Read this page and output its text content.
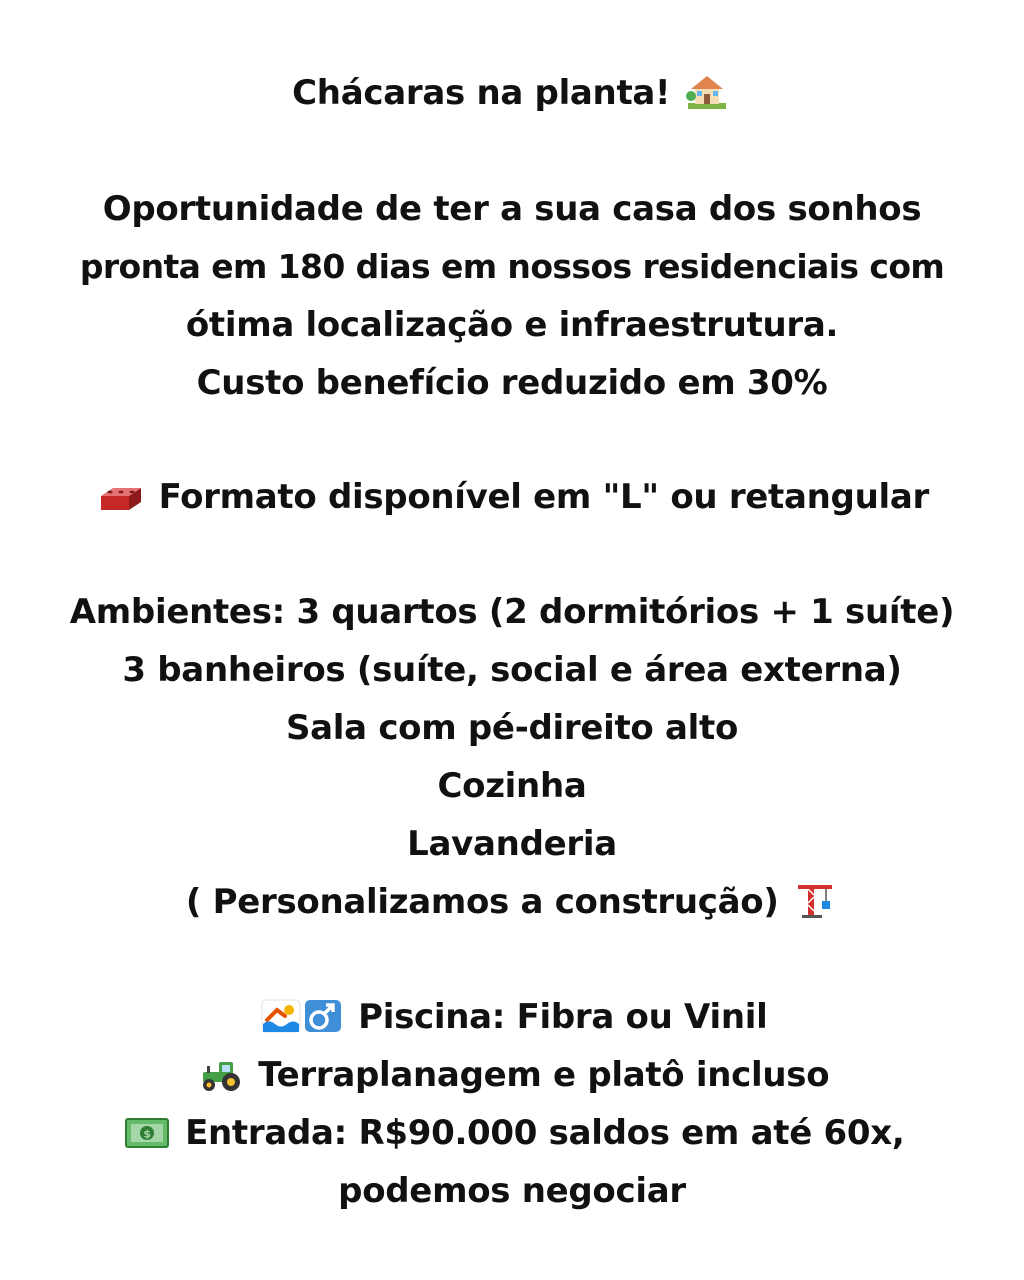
Chácaras na planta!
Oportunidade de ter a sua casa dos sonhos
pronta em 180 dias em nossos residenciais com
ótima localização e infraestrutura.
Custo benefício reduzido em 30%
Formato disponível em "L" ou retangular
Ambientes: 3 quartos (2 dormitórios + 1 suíte)
3 banheiros (suíte, social e área externa)
Sala com pé-direito alto
Cozinha
Lavanderia
( Personalizamos a construção)
Piscina: Fibra ou Vinil
Terraplanagem e platô incluso
$ Entrada: R$90.000 saldos em até 60x,
podemos negociar
